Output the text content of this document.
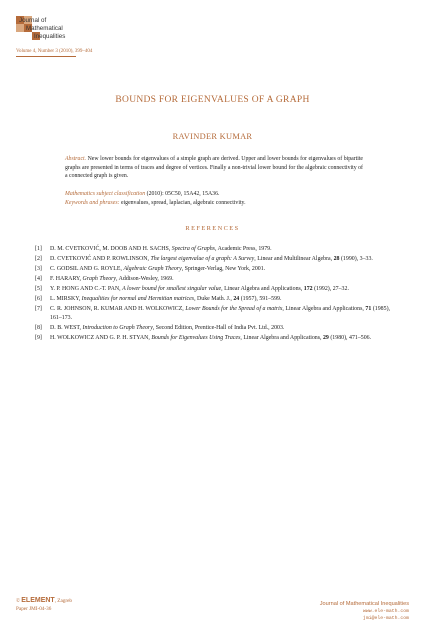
Journal of
Mathematical
Inequalities
Volume 4, Number 3 (2010), 399–404
BOUNDS FOR EIGENVALUES OF A GRAPH
RAVINDER KUMAR
Abstract. New lower bounds for eigenvalues of a simple graph are derived. Upper and lower bounds for eigenvalues of bipartite graphs are presented in terms of traces and degree of vertices. Finally a non-trivial lower bound for the algebraic connectivity of a connected graph is given.
Mathematics subject classification (2010): 05C50, 15A42, 15A36.
Keywords and phrases: eigenvalues, spread, laplacian, algebraic connectivity.
REFERENCES
[1] D. M. CVETKOVIĆ, M. DOOB AND H. SACHS, Spectra of Graphs, Academic Press, 1979.
[2] D. CVETKOVIĆ AND P. ROWLINSON, The largest eigenvalue of a graph: A Survey, Linear and Multilinear Algebra, 28 (1990), 3–33.
[3] C. GODSIL AND G. ROYLE, Algebraic Graph Theory, Springer-Verlag, New York, 2001.
[4] F. HARARY, Graph Theory, Addison-Wesley, 1969.
[5] Y. P. HONG AND C.-T. PAN, A lower bound for smallest singular value, Linear Algebra and Applications, 172 (1992), 27–32.
[6] L. MIRSKY, Inequalities for normal and Hermitian matrices, Duke Math. J., 24 (1957), 591–599.
[7] C. R. JOHNSON, R. KUMAR AND H. WOLKOWICZ, Lower Bounds for the Spread of a matrix, Linear Algebra and Applications, 71 (1985), 161–173.
[8] D. B. WEST, Introduction to Graph Theory, Second Edition, Prentice-Hall of India Pvt. Ltd., 2003.
[9] H. WOLKOWICZ AND G. P. H. STYAN, Bounds for Eigenvalues Using Traces, Linear Algebra and Applications, 29 (1980), 471–506.
© ELEMENT, Zagreb
Paper JMI-04-36
Journal of Mathematical Inequalities
www.ele-math.com
jmi@ele-math.com
